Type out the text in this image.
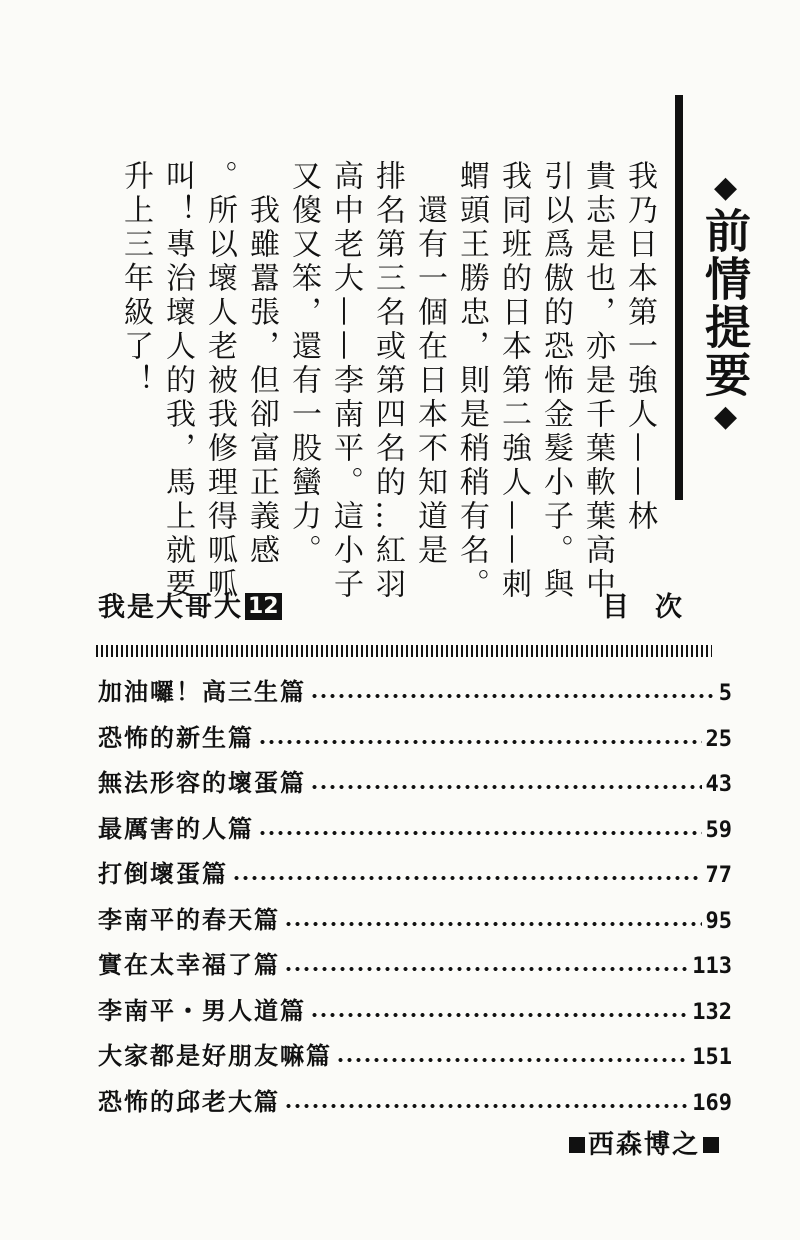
◆前情提要◆
我乃日本第一強人——林
貴志是也，亦是千葉軟葉高中
引以爲傲的恐怖金髮小子。與
我同班的日本第二強人——刺
蝟頭王勝忠，則是稍稍有名。
　還有一個在日本不知道是
排名第三名或第四名的…紅羽
高中老大——李南平。這小子
又傻又笨，還有一股蠻力。
　我雖囂張，但卻富正義感
。所以壞人老被我修理得呱呱
叫！專治壞人的我，馬上就要
升上三年級了！
我是大哥大 12	目次
加油囉！高三生篇	5
恐怖的新生篇	25
無法形容的壞蛋篇	43
最厲害的人篇	59
打倒壞蛋篇	77
李南平的春天篇	95
實在太幸福了篇	113
李南平・男人道篇	132
大家都是好朋友嘛篇	151
恐怖的邱老大篇	169
西森博之
